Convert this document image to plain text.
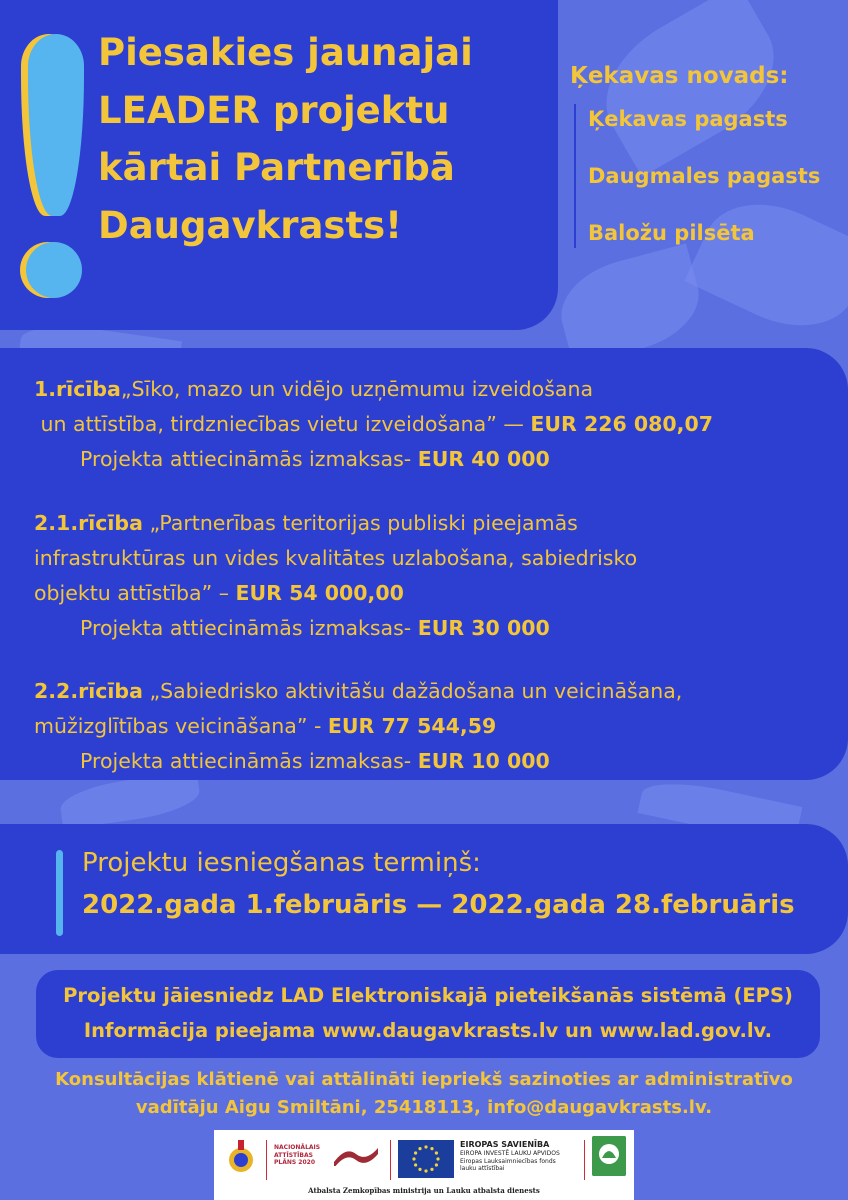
Piesakies jaunajai
LEADER projektu
kārtai Partnerībā
Daugavkrasts!
Ķekavas novads:
Ķekavas pagasts
Daugmales pagasts
Baložu pilsēta
1.rīcība„Sīko, mazo un vidējo uzņēmumu izveidošana
un attīstība, tirdzniecības vietu izveidošana” — EUR 226 080,07
Projekta attiecināmās izmaksas- EUR 40 000
2.1.rīcība „Partnerības teritorijas publiski pieejamās
infrastruktūras un vides kvalitātes uzlabošana, sabiedrisko
objektu attīstība” – EUR 54 000,00
Projekta attiecināmās izmaksas- EUR 30 000
2.2.rīcība „Sabiedrisko aktivitāšu dažādošana un veicināšana,
mūžizglītības veicināšana” - EUR 77 544,59
Projekta attiecināmās izmaksas- EUR 10 000
Projektu iesniegšanas termiņš:
2022.gada 1.februāris — 2022.gada 28.februāris
Projektu jāiesniedz LAD Elektroniskajā pieteikšanās sistēmā (EPS)
Informācija pieejama www.daugavkrasts.lv un www.lad.gov.lv.
Konsultācijas klātienē vai attālināti iepriekš sazinoties ar administratīvo
vadītāju Aigu Smiltāni, 25418113, info@daugavkrasts.lv.
NACIONĀLAIS
ATTĪSTĪBAS
PLĀNS 2020
EIROPAS SAVIENĪBA
EIROPA INVESTĒ LAUKU APVIDOS
Eiropas Lauksaimniecības fonds
lauku attīstībai
Atbalsta Zemkopības ministrija un Lauku atbalsta dienests
